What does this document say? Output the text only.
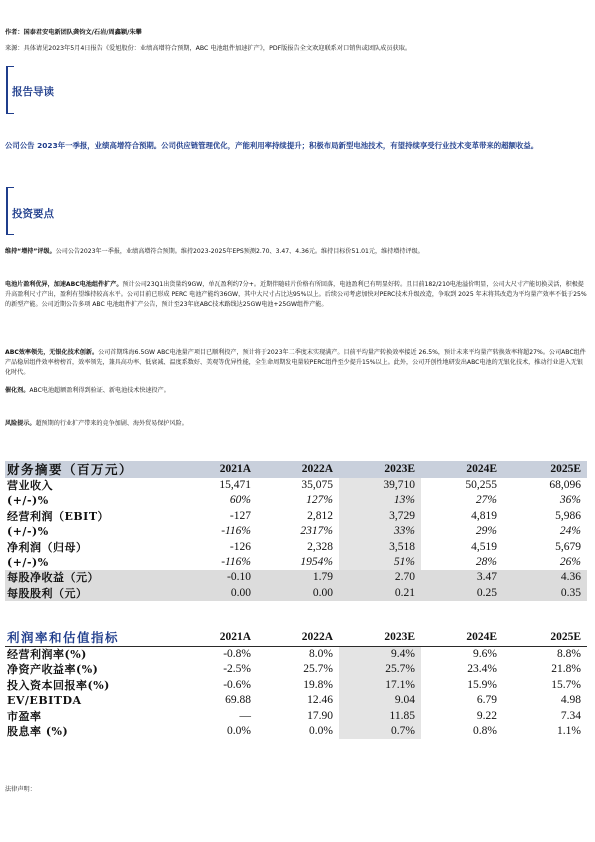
作者：国泰君安电新团队龚钧文/石岩/周鑫颖/朱攀
来源：具体请见2023年5月4日报告《爱旭股份：业绩高增符合预期，ABC 电池组件加速扩产》，PDF版报告全文欢迎联系对口销售或团队成员获取。
报告导读
公司公告 2023年一季报，业绩高增符合预期。公司供应链管理优化，产能利用率持续提升；积极布局新型电池技术，有望持续享受行业技术变革带来的超额收益。
投资要点
维持“增持”评级。公司公告2023年一季报，业绩高增符合预期。维持2023-2025年EPS预测2.70、3.47、4.36元。维持目标价51.01元，维持增持评级。
电池片盈利优异，加速ABC电池组件扩产。预计公司23Q1出货量约9GW，单瓦盈利约7分+。近期伴随硅片价格有所回落，电池盈利已有明显好转。且目前182/210电池溢价明显，公司大尺寸产能切换灵活，积极提升高盈利尺寸产出，盈利有望维持较高水平。公司目前已形成 PERC 电池产能约36GW，其中大尺寸占比达95%以上。后续公司考虑加快对PERC技术升级改造，争取到 2025 年末将其改造为平均量产效率不低于25%的新型产能。公司近期公告多项 ABC 电池组件扩产公告，预计至23年底ABC技术路线达25GW电池+25GW组件产能。
ABC效率领先，无银化技术创新。公司首期珠海6.5GW ABC电池量产项目已顺利投产，预计将于2023年二季度末实现满产。目前平均量产转换效率接近 26.5%，预计未来平均量产转换效率将超27%。公司ABC组件产品稳居组件效率榜榜首，效率领先，兼具高功率、低衰减、温度系数好、美观等优异性能，全生命周期发电量较PERC组件至少提升15%以上。此外，公司开创性地研发出ABC电池的无银化技术，推动行业进入无银化时代。
催化剂。ABC电池超额盈利得到验证、新电池技术快速投产。
风险提示。超预期的行业扩产带来的竞争加剧、海外贸易保护风险。
财务摘要（百万元）	2021A	2022A	2023E	2024E	2025E
营业收入	15,471	35,075	39,710	50,255	68,096
(+/-)%	60%	127%	13%	27%	36%
经营利润（EBIT）	-127	2,812	3,729	4,819	5,986
(+/-)%	-116%	2317%	33%	29%	24%
净利润（归母）	-126	2,328	3,518	4,519	5,679
(+/-)%	-116%	1954%	51%	28%	26%
每股净收益（元）	-0.10	1.79	2.70	3.47	4.36
每股股利（元）	0.00	0.00	0.21	0.25	0.35
利润率和估值指标	2021A	2022A	2023E	2024E	2025E
经营利润率(%)	-0.8%	8.0%	9.4%	9.6%	8.8%
净资产收益率(%)	-2.5%	25.7%	25.7%	23.4%	21.8%
投入资本回报率(%)	-0.6%	19.8%	17.1%	15.9%	15.7%
EV/EBITDA	69.88	12.46	9.04	6.79	4.98
市盈率	—	17.90	11.85	9.22	7.34
股息率 (%)	0.0%	0.0%	0.7%	0.8%	1.1%
法律声明：
